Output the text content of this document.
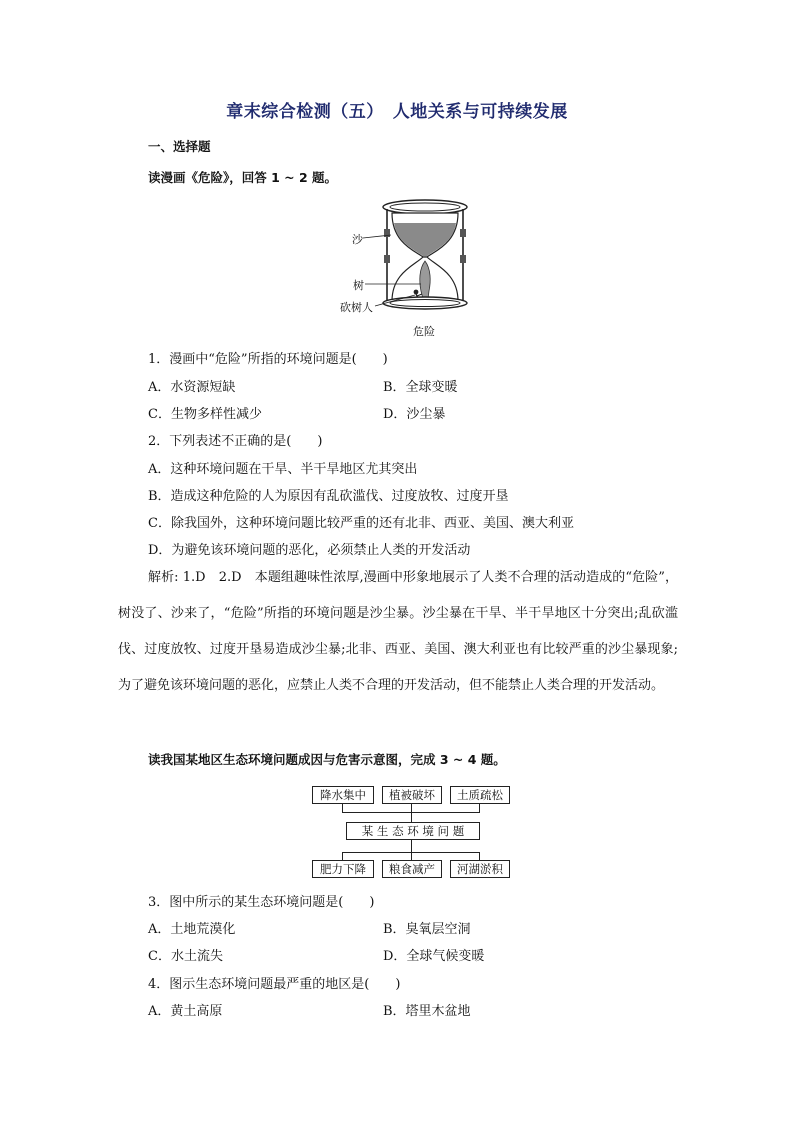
章末综合检测（五）　人地关系与可持续发展
一、选择题
读漫画《危险》，回答 1 ~ 2 题。
沙
树
砍树人
危险
1．漫画中“危险”所指的环境问题是(　　)
A．水资源短缺	B．全球变暖
C．生物多样性减少	D．沙尘暴
2．下列表述不正确的是(　　)
A．这种环境问题在干旱、半干旱地区尤其突出
B．造成这种危险的人为原因有乱砍滥伐、过度放牧、过度开垦
C．除我国外，这种环境问题比较严重的还有北非、西亚、美国、澳大利亚
D．为避免该环境问题的恶化，必须禁止人类的开发活动

解析: 1.D　2.D　本题组趣味性浓厚,漫画中形象地展示了人类不合理的活动造成的“危险”，树没了、沙来了，“危险”所指的环境问题是沙尘暴。沙尘暴在干旱、半干旱地区十分突出;乱砍滥伐、过度放牧、过度开垦易造成沙尘暴;北非、西亚、美国、澳大利亚也有比较严重的沙尘暴现象;为了避免该环境问题的恶化，应禁止人类不合理的开发活动，但不能禁止人类合理的开发活动。

读我国某地区生态环境问题成因与危害示意图，完成 3 ~ 4 题。
降水集中	植被破坏	土质疏松
某 生 态 环 境 问 题
肥力下降	粮食减产	河湖淤积
3．图中所示的某生态环境问题是(　　)
A．土地荒漠化	B．臭氧层空洞
C．水土流失	D．全球气候变暖
4．图示生态环境问题最严重的地区是(　　)
A．黄土高原	B．塔里木盆地
